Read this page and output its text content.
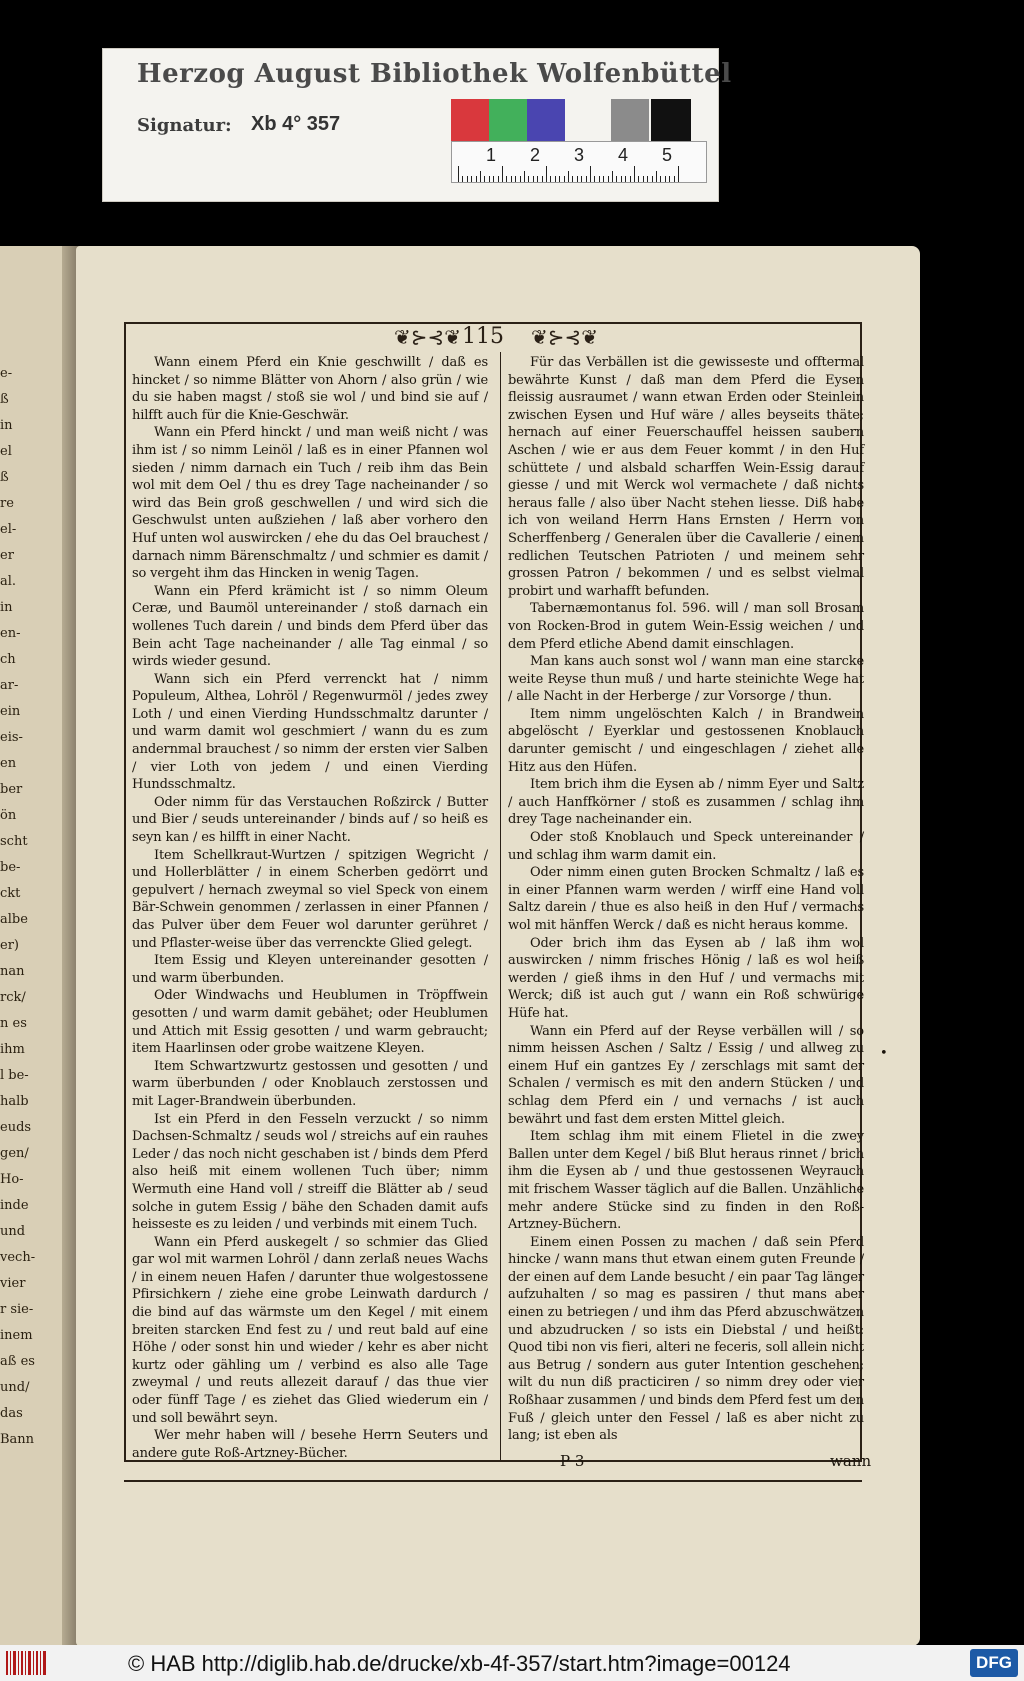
Herzog August Bibliothek Wolfenbüttel
Signatur: Xb 4° 357
1 2 3 4 5
e-
ß
in
el
ß
re
el-
er
al.
in
en-
ch
ar-
ein
eis-
en
ber
ön
scht
be-
ckt
albe
er)
nan
rck/
n es
ihm
l be-
halb
euds
gen/
Ho-
inde
und
vech-
vier
r sie-
inem
aß es
und/
das
Bann
❦⊱⊰❦	❦⊱⊰❦
115

Wann einem Pferd ein Knie geschwillt / daß es hincket / so nimme Blätter von Ahorn / also grün / wie du sie haben magst / stoß sie wol / und bind sie auf / hilfft auch für die Knie-Geschwär.

Wann ein Pferd hinckt / und man weiß nicht / was ihm ist / so nimm Leinöl / laß es in einer Pfannen wol sieden / nimm darnach ein Tuch / reib ihm das Bein wol mit dem Oel / thu es drey Tage nacheinander / so wird das Bein groß geschwellen / und wird sich die Geschwulst unten außziehen / laß aber vorhero den Huf unten wol auswircken / ehe du das Oel brauchest / darnach nimm Bärenschmaltz / und schmier es damit / so vergeht ihm das Hincken in wenig Tagen.

Wann ein Pferd krämicht ist / so nimm Oleum Ceræ, und Baumöl untereinander / stoß darnach ein wollenes Tuch darein / und binds dem Pferd über das Bein acht Tage nacheinander / alle Tag einmal / so wirds wieder gesund.

Wann sich ein Pferd verrenckt hat / nimm Populeum, Althea, Lohröl / Regenwurmöl / jedes zwey Loth / und einen Vierding Hundsschmaltz darunter / und warm damit wol geschmiert / wann du es zum andernmal brauchest / so nimm der ersten vier Salben / vier Loth von jedem / und einen Vierding Hundsschmaltz.

Oder nimm für das Verstauchen Roßzirck / Butter und Bier / seuds untereinander / binds auf / so heiß es seyn kan / es hilfft in einer Nacht.

Item Schellkraut-Wurtzen / spitzigen Wegricht / und Hollerblätter / in einem Scherben gedörrt und gepulvert / hernach zweymal so viel Speck von einem Bär-Schwein genommen / zerlassen in einer Pfannen / das Pulver über dem Feuer wol darunter gerühret / und Pflaster-weise über das verrenckte Glied gelegt.

Item Essig und Kleyen untereinander gesotten / und warm überbunden.

Oder Windwachs und Heublumen in Tröpffwein gesotten / und warm damit gebähet; oder Heublumen und Attich mit Essig gesotten / und warm gebraucht; item Haarlinsen oder grobe waitzene Kleyen.

Item Schwartzwurtz gestossen und gesotten / und warm überbunden / oder Knoblauch zerstossen und mit Lager-Brandwein überbunden.

Ist ein Pferd in den Fesseln verzuckt / so nimm Dachsen-Schmaltz / seuds wol / streichs auf ein rauhes Leder / das noch nicht geschaben ist / binds dem Pferd also heiß mit einem wollenen Tuch über; nimm Wermuth eine Hand voll / streiff die Blätter ab / seud solche in gutem Essig / bähe den Schaden damit aufs heisseste es zu leiden / und verbinds mit einem Tuch.

Wann ein Pferd auskegelt / so schmier das Glied gar wol mit warmen Lohröl / dann zerlaß neues Wachs / in einem neuen Hafen / darunter thue wolgestossene Pfirsichkern / ziehe eine grobe Leinwath dardurch / die bind auf das wärmste um den Kegel / mit einem breiten starcken End fest zu / und reut bald auf eine Höhe / oder sonst hin und wieder / kehr es aber nicht kurtz oder gähling um / verbind es also alle Tage zweymal / und reuts allezeit darauf / das thue vier oder fünff Tage / es ziehet das Glied wiederum ein / und soll bewährt seyn.

Wer mehr haben will / besehe Herrn Seuters und andere gute Roß-Artzney-Bücher.

Für das Verbällen ist die gewisseste und offtermal bewährte Kunst / daß man dem Pferd die Eysen fleissig ausraumet / wann etwan Erden oder Steinlein zwischen Eysen und Huf wäre / alles beyseits thäte; hernach auf einer Feuerschauffel heissen saubern Aschen / wie er aus dem Feuer kommt / in den Huf schüttete / und alsbald scharffen Wein-Essig darauf giesse / und mit Werck wol vermachete / daß nichts heraus falle / also über Nacht stehen liesse. Diß habe ich von weiland Herrn Hans Ernsten / Herrn von Scherffenberg / Generalen über die Cavallerie / einem redlichen Teutschen Patrioten / und meinem sehr grossen Patron / bekommen / und es selbst vielmal probirt und warhafft befunden.

Tabernæmontanus fol. 596. will / man soll Brosam von Rocken-Brod in gutem Wein-Essig weichen / und dem Pferd etliche Abend damit einschlagen.

Man kans auch sonst wol / wann man eine starcke weite Reyse thun muß / und harte steinichte Wege hat / alle Nacht in der Herberge / zur Vorsorge / thun.

Item nimm ungelöschten Kalch / in Brandwein abgelöscht / Eyerklar und gestossenen Knoblauch darunter gemischt / und eingeschlagen / ziehet alle Hitz aus den Hüfen.

Item brich ihm die Eysen ab / nimm Eyer und Saltz / auch Hanffkörner / stoß es zusammen / schlag ihm drey Tage nacheinander ein.

Oder stoß Knoblauch und Speck untereinander / und schlag ihm warm damit ein.

Oder nimm einen guten Brocken Schmaltz / laß es in einer Pfannen warm werden / wirff eine Hand voll Saltz darein / thue es also heiß in den Huf / vermachs wol mit hänffen Werck / daß es nicht heraus komme.

Oder brich ihm das Eysen ab / laß ihm wol auswircken / nimm frisches Hönig / laß es wol heiß werden / gieß ihms in den Huf / und vermachs mit Werck; diß ist auch gut / wann ein Roß schwürige Hüfe hat.

Wann ein Pferd auf der Reyse verbällen will / so nimm heissen Aschen / Saltz / Essig / und allweg zu einem Huf ein gantzes Ey / zerschlags mit samt der Schalen / vermisch es mit den andern Stücken / und schlag dem Pferd ein / und vernachs / ist auch bewährt und fast dem ersten Mittel gleich.

Item schlag ihm mit einem Flietel in die zwey Ballen unter dem Kegel / biß Blut heraus rinnet / brich ihm die Eysen ab / und thue gestossenen Weyrauch mit frischem Wasser täglich auf die Ballen. Unzähliche mehr andere Stücke sind zu finden in den Roß-Artzney-Büchern.

Einem einen Possen zu machen / daß sein Pferd hincke / wann mans thut etwan einem guten Freunde / der einen auf dem Lande besucht / ein paar Tag länger aufzuhalten / so mag es passiren / thut mans aber einen zu betriegen / und ihm das Pferd abzuschwätzen und abzudrucken / so ists ein Diebstal / und heißt: Quod tibi non vis fieri, alteri ne feceris, soll allein nicht aus Betrug / sondern aus guter Intention geschehen; wilt du nun diß practiciren / so nimm drey oder vier Roßhaar zusammen / und binds dem Pferd fest um den Fuß / gleich unter den Fessel / laß es aber nicht zu lang; ist eben als

•
P 3	wann
© HAB http://diglib.hab.de/drucke/xb-4f-357/start.htm?image=00124	DFG
